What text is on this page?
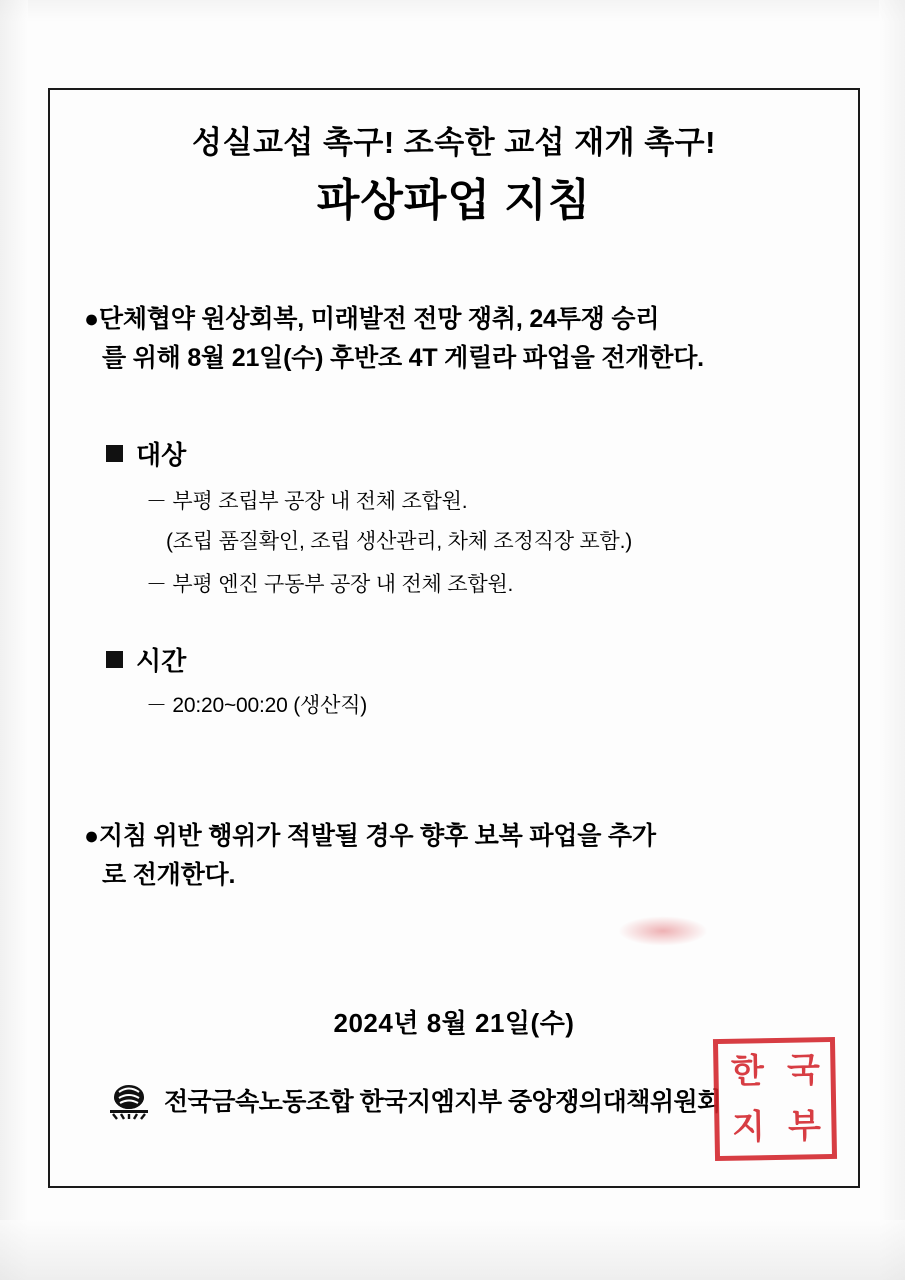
성실교섭 촉구! 조속한 교섭 재개 촉구!
파상파업 지침
●단체협약 원상회복, 미래발전 전망 쟁취, 24투쟁 승리
를 위해 8월 21일(수) 후반조 4T 게릴라 파업을 전개한다.
대상
－ 부평 조립부 공장 내 전체 조합원.
(조립 품질확인, 조립 생산관리, 차체 조정직장 포함.)
－ 부평 엔진 구동부 공장 내 전체 조합원.
시간
－ 20:20~00:20 (생산직)
●지침 위반 행위가 적발될 경우 향후 보복 파업을 추가
로 전개한다.
2024년 8월 21일(수)
전국금속노동조합 한국지엠지부 중앙쟁의대책위원회
한 국
지 부
